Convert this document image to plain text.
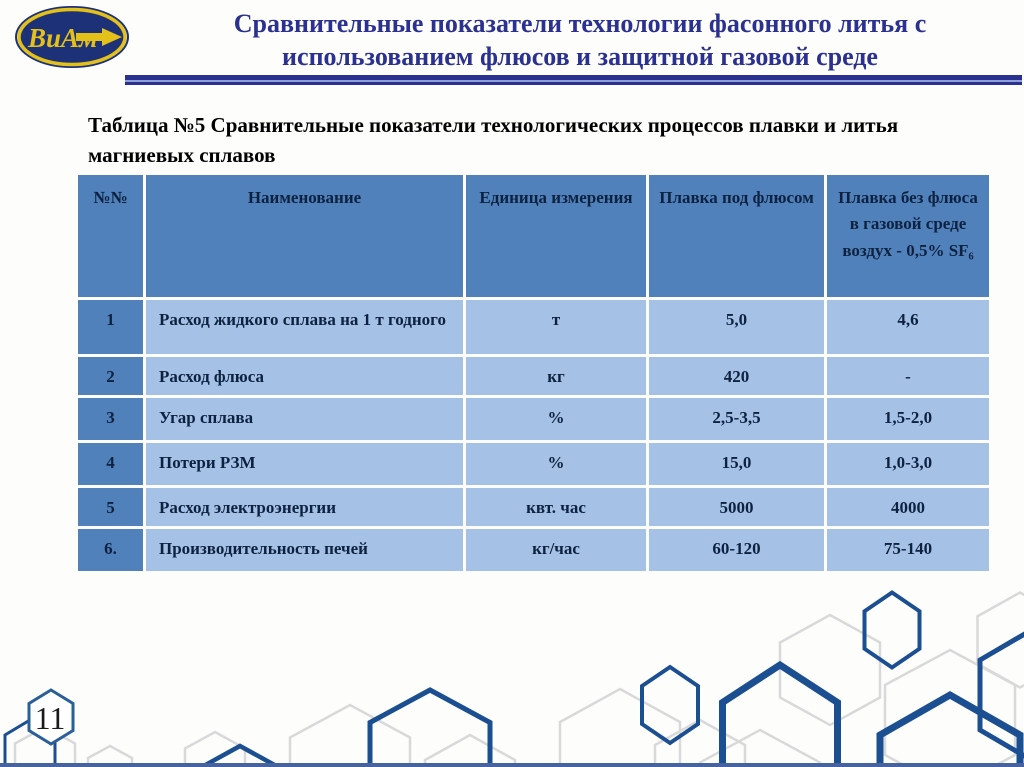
ВиАм	Сравнительные показатели технологии фасонного литья с
использованием флюсов и защитной газовой среде

Таблица №5 Сравнительные показатели технологических процессов плавки и литья магниевых сплавов

№№	Наименование	Единица измерения	Плавка под флюсом	Плавка без флюса в газовой среде воздух - 0,5% SF₆
1	Расход жидкого сплава на 1 т годного	т	5,0	4,6
2	Расход флюса	кг	420	-
3	Угар сплава	%	2,5-3,5	1,5-2,0
4	Потери РЗМ	%	15,0	1,0-3,0
5	Расход электроэнергии	квт. час	5000	4000
6.	Производительность печей	кг/час	60-120	75-140
11
